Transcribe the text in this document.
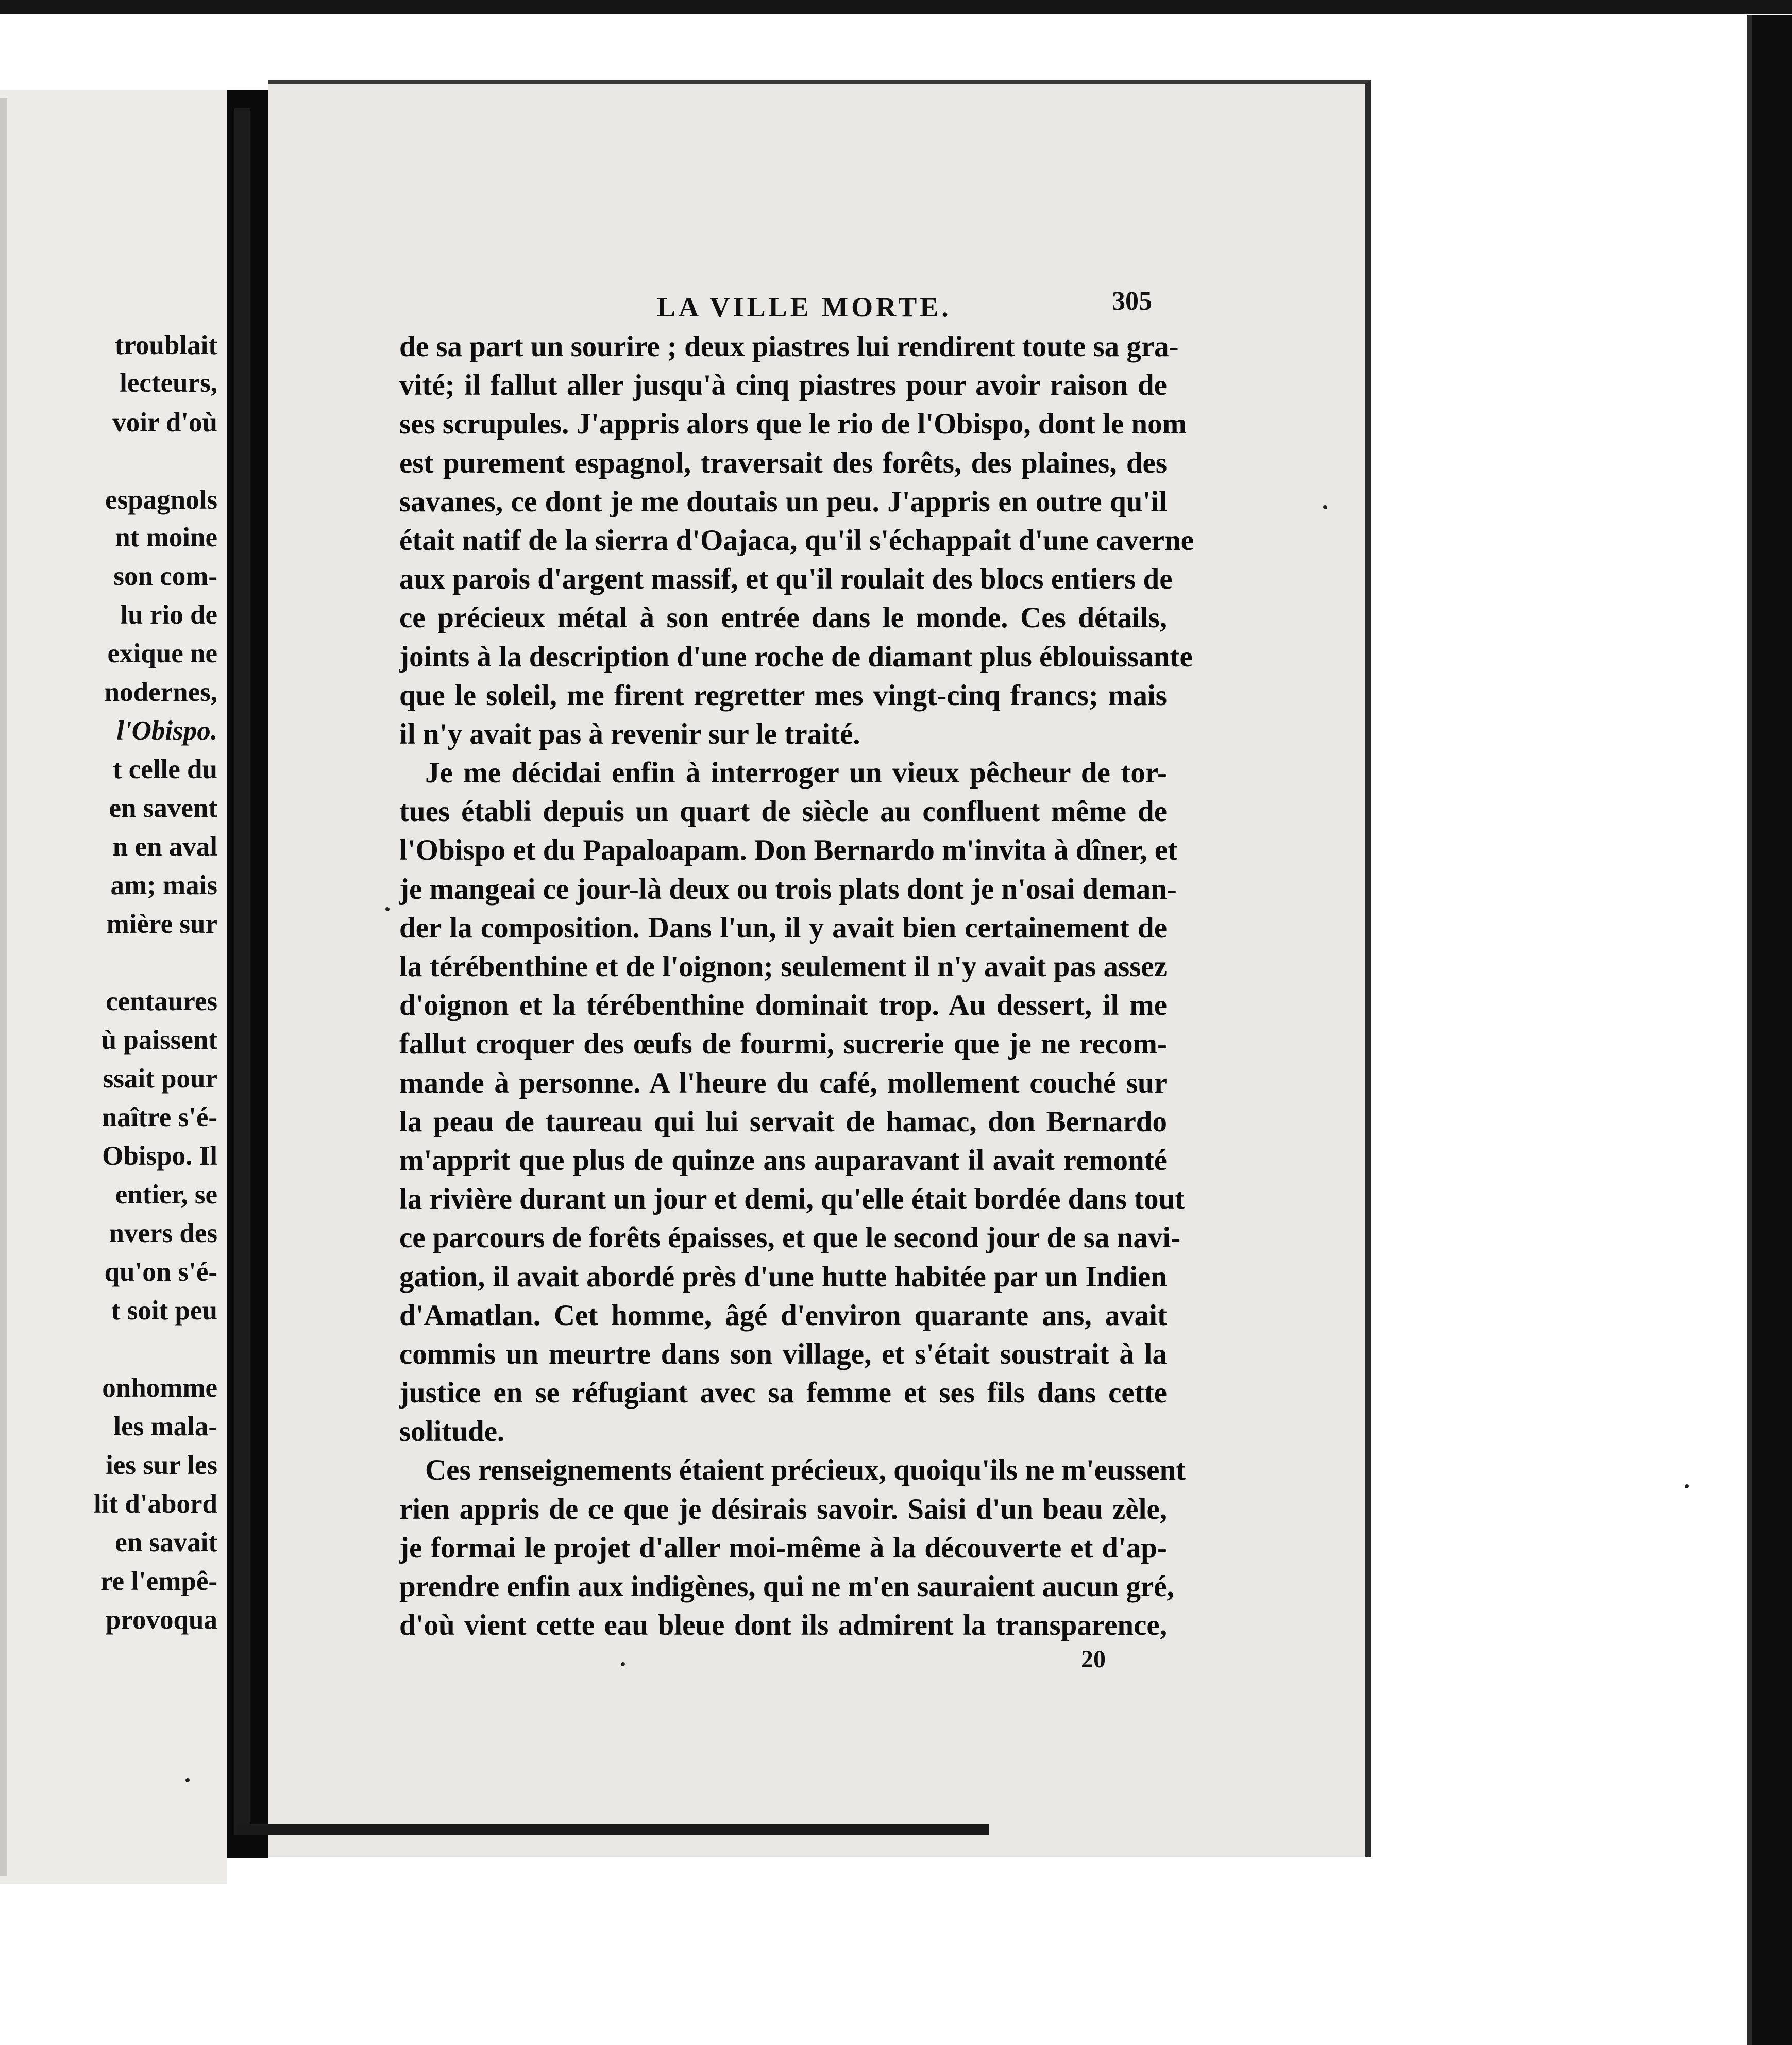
troublait
lecteurs,
voir d'où
espagnols
nt moine
son com-
lu rio de
exique ne
nodernes,
l'Obispo.
t celle du
en savent
n en aval
am; mais
mière sur
centaures
ù paissent
ssait pour
naître s'é-
Obispo. Il
entier, se
nvers des
qu'on s'é-
t soit peu
onhomme
les mala-
ies sur les
lit d'abord
en savait
re l'empê-
provoqua
LA VILLE MORTE.	305
de sa part un sourire ; deux piastres lui rendirent toute sa gra-
vité; il fallut aller jusqu'à cinq piastres pour avoir raison de
ses scrupules. J'appris alors que le rio de l'Obispo, dont le nom
est purement espagnol, traversait des forêts, des plaines, des
savanes, ce dont je me doutais un peu. J'appris en outre qu'il
était natif de la sierra d'Oajaca, qu'il s'échappait d'une caverne
aux parois d'argent massif, et qu'il roulait des blocs entiers de
ce précieux métal à son entrée dans le monde. Ces détails,
joints à la description d'une roche de diamant plus éblouissante
que le soleil, me firent regretter mes vingt-cinq francs; mais
il n'y avait pas à revenir sur le traité.
Je me décidai enfin à interroger un vieux pêcheur de tor-
tues établi depuis un quart de siècle au confluent même de
l'Obispo et du Papaloapam. Don Bernardo m'invita à dîner, et
je mangeai ce jour-là deux ou trois plats dont je n'osai deman-
der la composition. Dans l'un, il y avait bien certainement de
la térébenthine et de l'oignon; seulement il n'y avait pas assez
d'oignon et la térébenthine dominait trop. Au dessert, il me
fallut croquer des œufs de fourmi, sucrerie que je ne recom-
mande à personne. A l'heure du café, mollement couché sur
la peau de taureau qui lui servait de hamac, don Bernardo
m'apprit que plus de quinze ans auparavant il avait remonté
la rivière durant un jour et demi, qu'elle était bordée dans tout
ce parcours de forêts épaisses, et que le second jour de sa navi-
gation, il avait abordé près d'une hutte habitée par un Indien
d'Amatlan. Cet homme, âgé d'environ quarante ans, avait
commis un meurtre dans son village, et s'était soustrait à la
justice en se réfugiant avec sa femme et ses fils dans cette
solitude.
Ces renseignements étaient précieux, quoiqu'ils ne m'eussent
rien appris de ce que je désirais savoir. Saisi d'un beau zèle,
je formai le projet d'aller moi-même à la découverte et d'ap-
prendre enfin aux indigènes, qui ne m'en sauraient aucun gré,
d'où vient cette eau bleue dont ils admirent la transparence,
20
